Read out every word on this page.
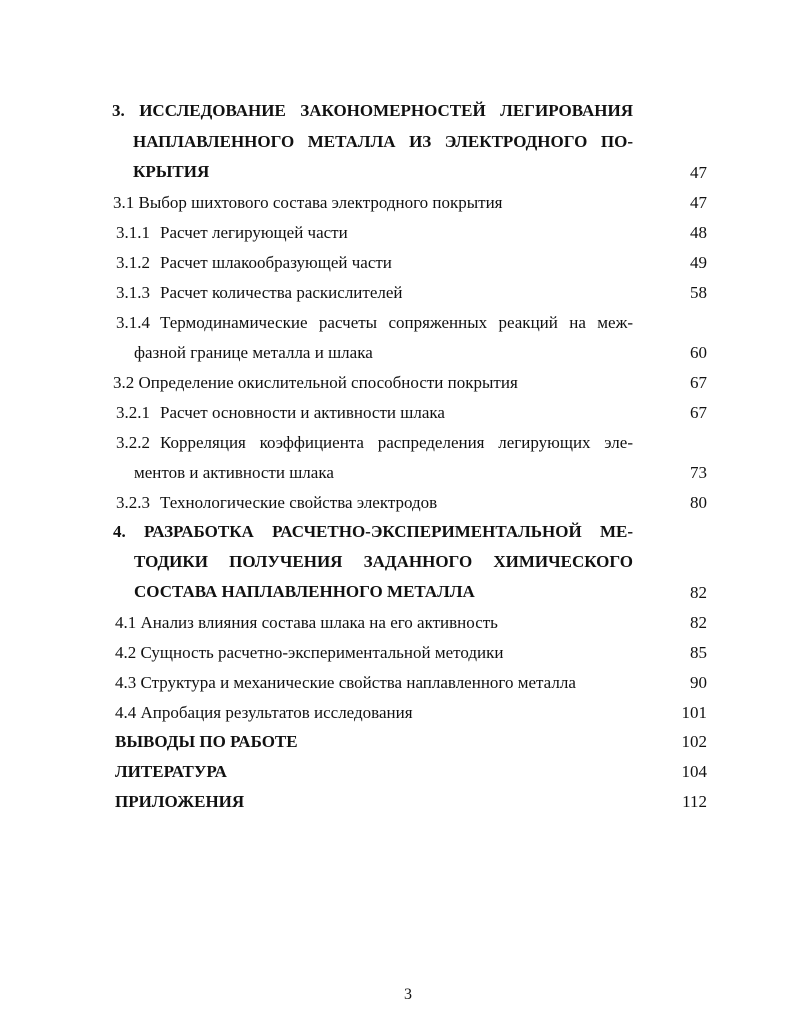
3. ИССЛЕДОВАНИЕ ЗАКОНОМЕРНОСТЕЙ ЛЕГИРОВАНИЯ
НАПЛАВЛЕННОГО МЕТАЛЛА ИЗ ЭЛЕКТРОДНОГО ПО-
КРЫТИЯ	47
3.1 Выбор шихтового состава электродного покрытия	47
3.1.1 Расчет легирующей части	48
3.1.2 Расчет шлакообразующей части	49
3.1.3 Расчет количества раскислителей	58
3.1.4 Термодинамические расчеты сопряженных реакций на меж-
фазной границе металла и шлака	60
3.2 Определение окислительной способности покрытия	67
3.2.1 Расчет основности и активности шлака	67
3.2.2 Корреляция коэффициента распределения легирующих эле-
ментов и активности шлака	73
3.2.3 Технологические свойства электродов	80
4. РАЗРАБОТКА РАСЧЕТНО-ЭКСПЕРИМЕНТАЛЬНОЙ МЕ-
ТОДИКИ ПОЛУЧЕНИЯ ЗАДАННОГО ХИМИЧЕСКОГО
СОСТАВА НАПЛАВЛЕННОГО МЕТАЛЛА	82
4.1 Анализ влияния состава шлака на его активность	82
4.2 Сущность расчетно-экспериментальной методики	85
4.3 Структура и механические свойства наплавленного металла	90
4.4 Апробация результатов исследования	101
ВЫВОДЫ ПО РАБОТЕ	102
ЛИТЕРАТУРА	104
ПРИЛОЖЕНИЯ	112
3
